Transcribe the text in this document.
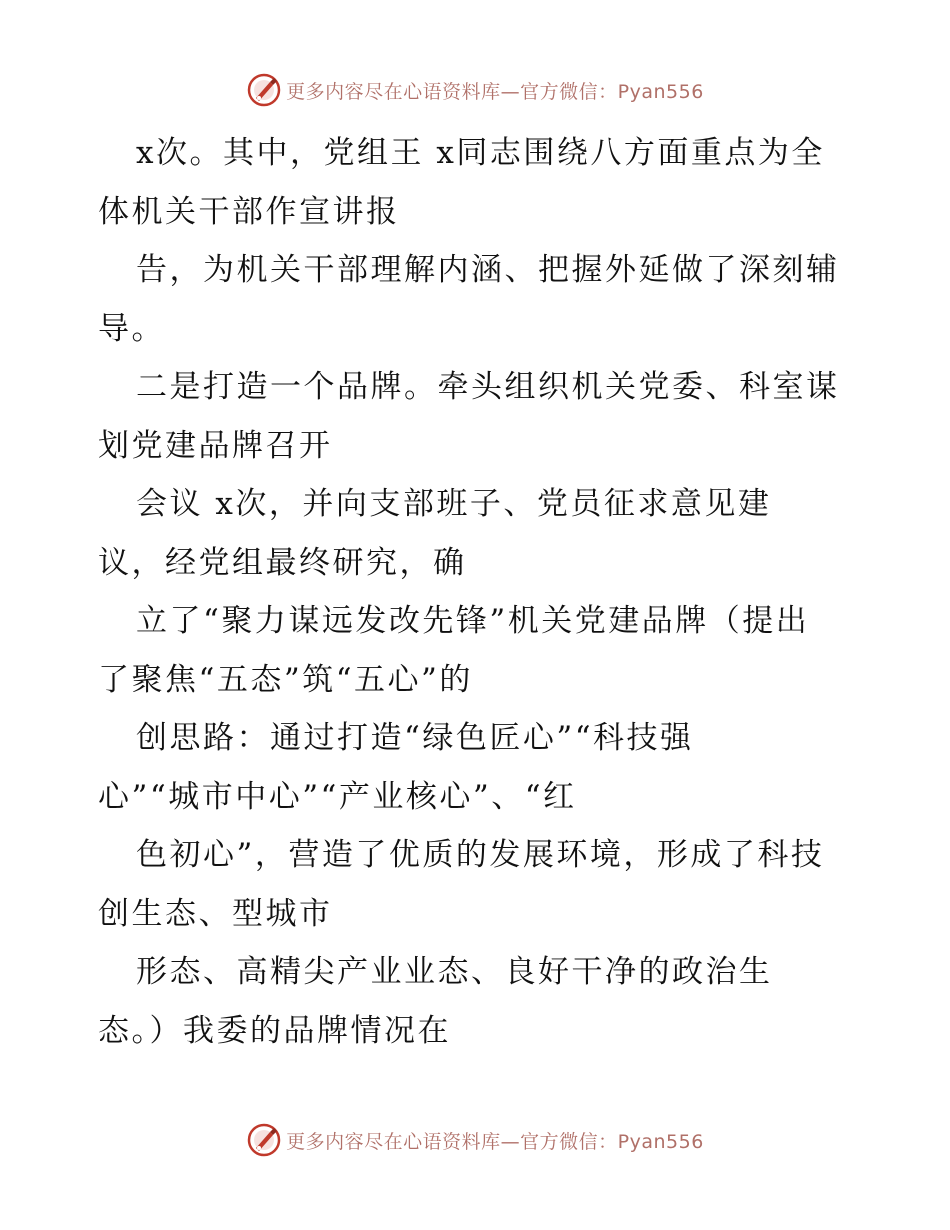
更多内容尽在心语资料库—官方微信：Pyan556
x次。其中，党组王 x同志围绕八方面重点为全
体机关干部作宣讲报
告，为机关干部理解内涵、把握外延做了深刻辅
导。
二是打造一个品牌。牵头组织机关党委、科室谋
划党建品牌召开
会议 x次，并向支部班子、党员征求意见建
议，经党组最终研究，确
立了“聚力谋远发改先锋”机关党建品牌（提出
了聚焦“五态”筑“五心”的
创思路：通过打造“绿色匠心”“科技强
心”“城市中心”“产业核心”、“红
色初心”，营造了优质的发展环境，形成了科技
创生态、型城市
形态、高精尖产业业态、良好干净的政治生
态。）我委的品牌情况在
更多内容尽在心语资料库—官方微信：Pyan556
